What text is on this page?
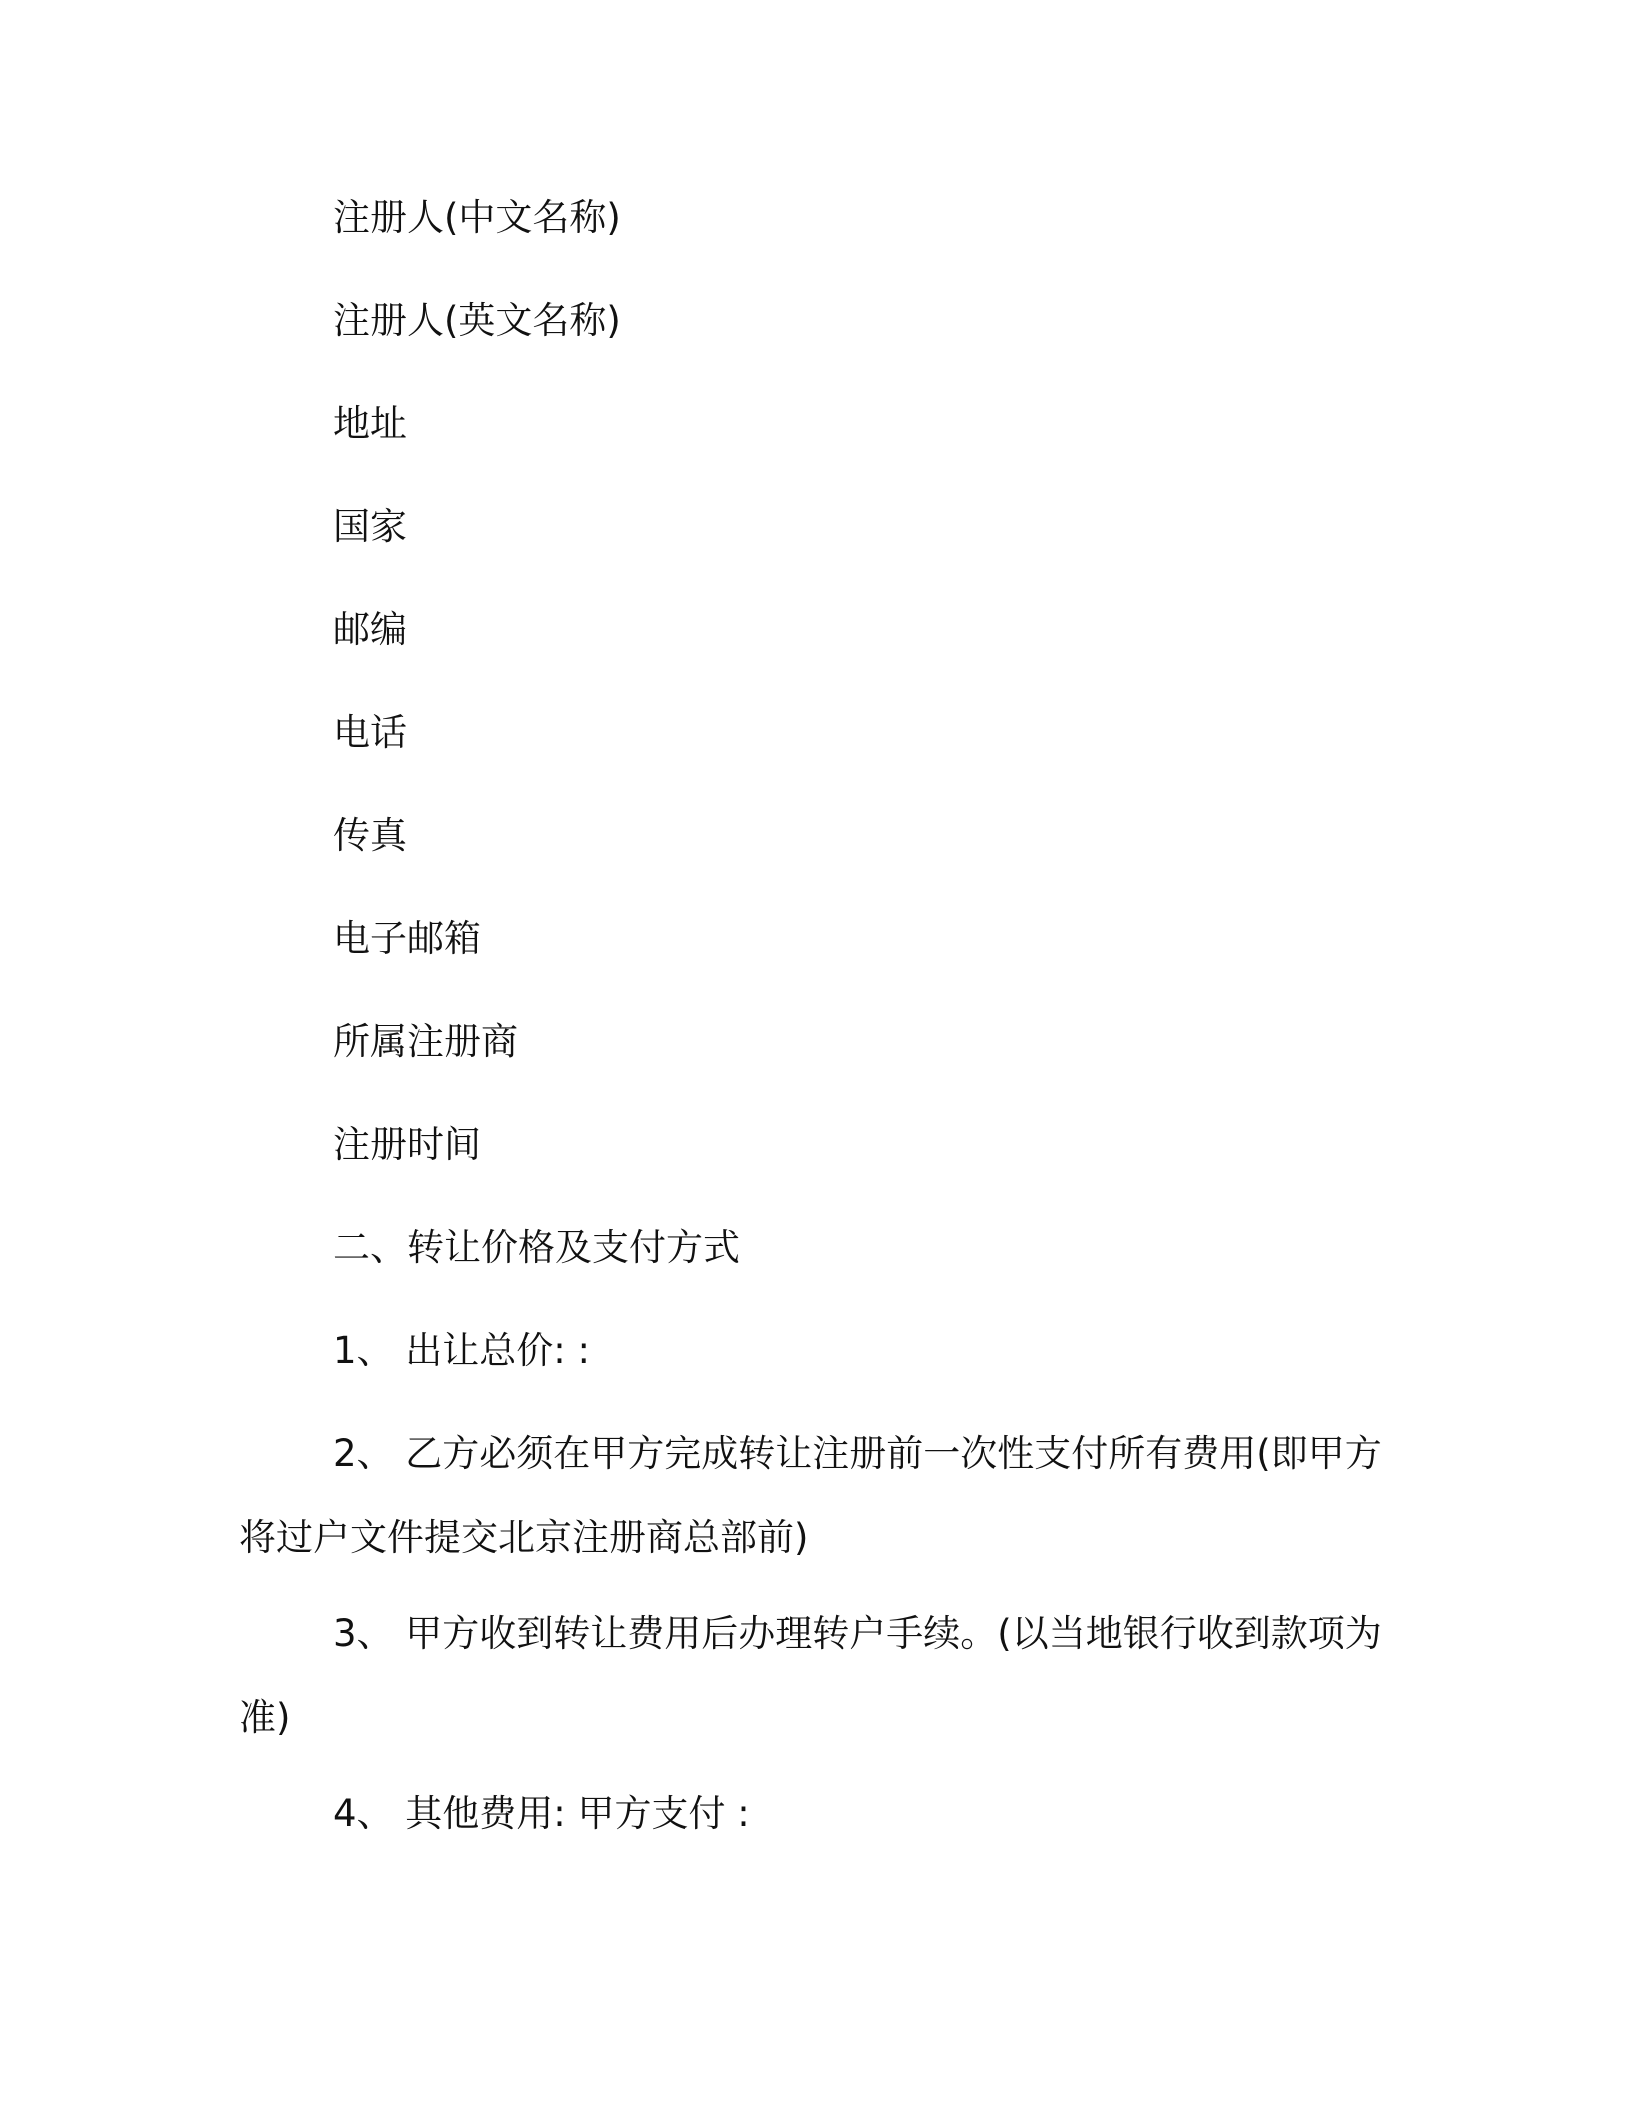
注册人(中文名称)
注册人(英文名称)
地址
国家
邮编
电话
传真
电子邮箱
所属注册商
注册时间
二、转让价格及支付方式
1、 出让总价: :
2、 乙方必须在甲方完成转让注册前一次性支付所有费用(即甲方
将过户文件提交北京注册商总部前)
3、 甲方收到转让费用后办理转户手续。(以当地银行收到款项为
准)
4、 其他费用: 甲方支付 :
